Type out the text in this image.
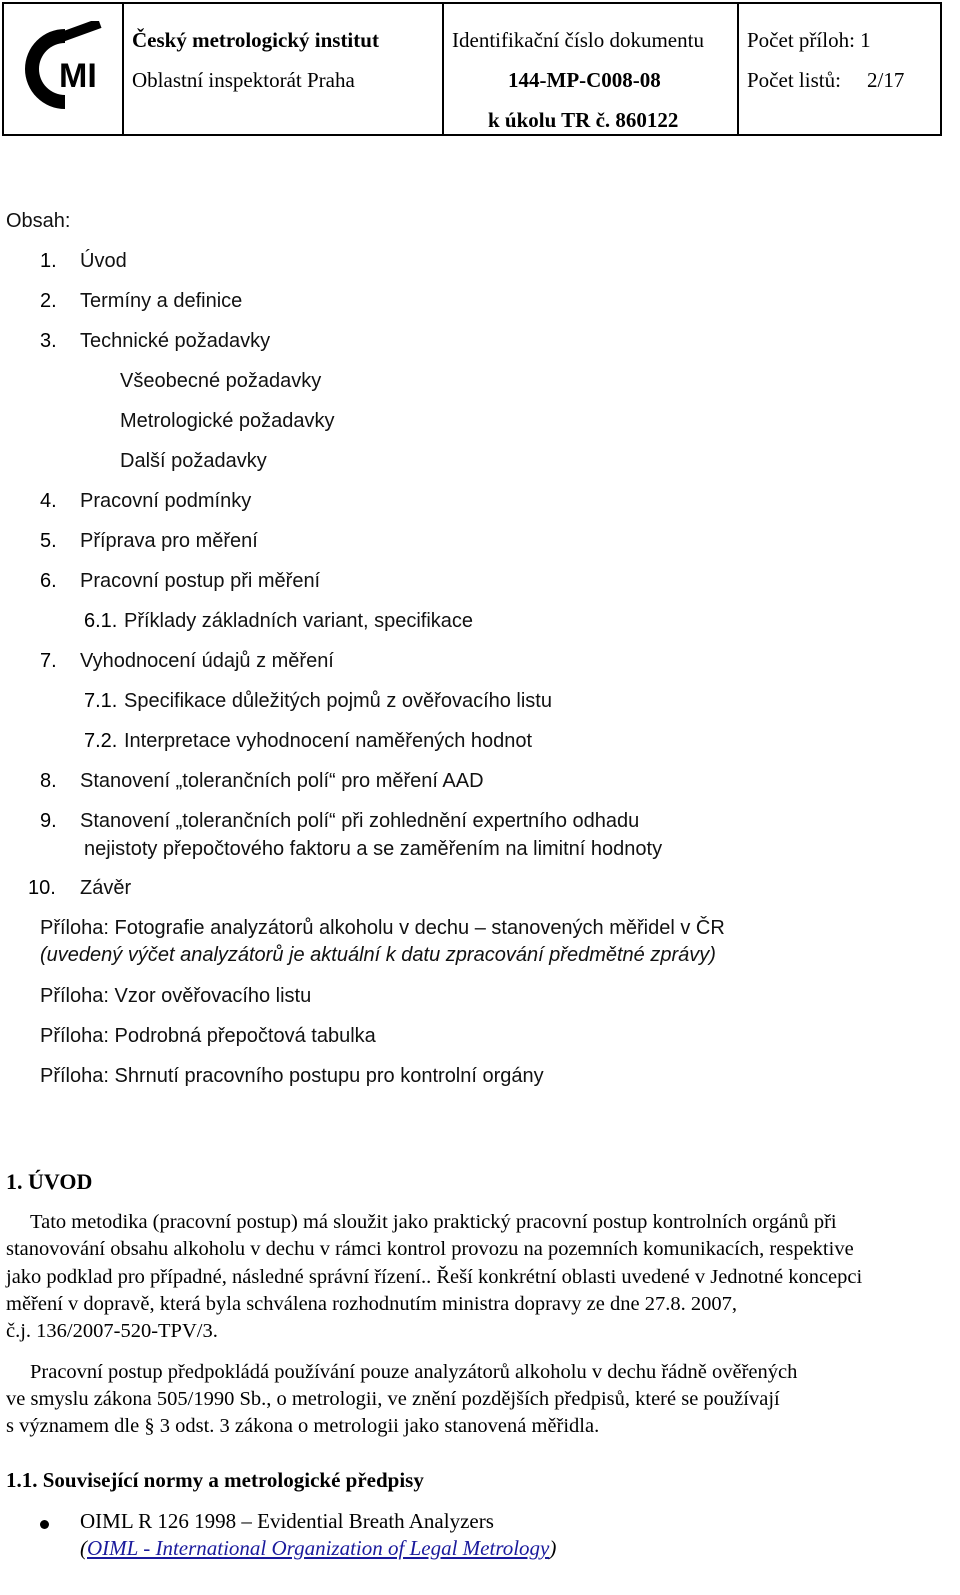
MI
Český metrologický institut
Oblastní inspektorát Praha
Identifikační číslo dokumentu
144-MP-C008-08
k úkolu TR č. 860122
Počet příloh: 1
Počet listů: 2/17
Obsah:
1. Úvod
2. Termíny a definice
3. Technické požadavky
Všeobecné požadavky
Metrologické požadavky
Další požadavky
4. Pracovní podmínky
5. Příprava pro měření
6. Pracovní postup při měření
6.1. Příklady základních variant, specifikace
7. Vyhodnocení údajů z měření
7.1. Specifikace důležitých pojmů z ověřovacího listu
7.2. Interpretace vyhodnocení naměřených hodnot
8. Stanovení „tolerančních polí“ pro měření AAD
9. Stanovení „tolerančních polí“ při zohlednění expertního odhadu
nejistoty přepočtového faktoru a se zaměřením na limitní hodnoty
10. Závěr
Příloha: Fotografie analyzátorů alkoholu v dechu – stanovených měřidel v ČR
(uvedený výčet analyzátorů je aktuální k datu zpracování předmětné zprávy)
Příloha: Vzor ověřovacího listu
Příloha: Podrobná přepočtová tabulka
Příloha: Shrnutí pracovního postupu pro kontrolní orgány
1. ÚVOD
Tato metodika (pracovní postup) má sloužit jako praktický pracovní postup kontrolních orgánů při
stanovování obsahu alkoholu v dechu v rámci kontrol provozu na pozemních komunikacích, respektive
jako podklad pro případné, následné správní řízení.. Řeší konkrétní oblasti uvedené v Jednotné koncepci
měření v dopravě, která byla schválena rozhodnutím ministra dopravy ze dne 27.8. 2007,
č.j. 136/2007-520-TPV/3.
Pracovní postup předpokládá používání pouze analyzátorů alkoholu v dechu řádně ověřených
ve smyslu zákona 505/1990 Sb., o metrologii, ve znění pozdějších předpisů, které se používají
s významem dle § 3 odst. 3 zákona o metrologii jako stanovená měřidla.
1.1. Související normy a metrologické předpisy
OIML R 126 1998 – Evidential Breath Analyzers
(OIML - International Organization of Legal Metrology)
